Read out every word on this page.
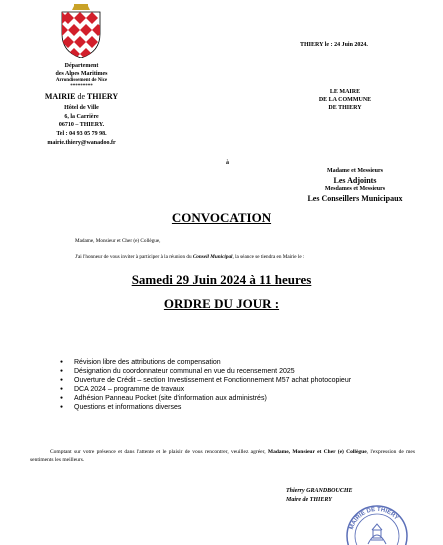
Département
des Alpes Maritimes
Arrondissement de Nice
*********
MAIRIE de THIERY
Hôtel de Ville
6, la Carrière
06710 – THIERY.
Tel : 04 93 05 79 98.
mairie.thiery@wanadoo.fr
THIERY le : 24 Juin 2024.
LE MAIRE
DE LA COMMUNE
DE THIERY
à
Madame et Messieurs
Les Adjoints
Mesdames et Messieurs
Les Conseillers Municipaux
CONVOCATION
Madame, Monsieur et Cher (e) Collègue,
J'ai l'honneur de vous inviter à participer à la réunion du Conseil Municipal, la séance se tiendra en Mairie le :
Samedi 29 Juin 2024 à 11 heures
ORDRE DU JOUR :
● Révision libre des attributions de compensation
● Désignation du coordonnateur communal en vue du recensement 2025
● Ouverture de Crédit – section Investissement et Fonctionnement M57 achat photocopieur
● DCA 2024 – programme de travaux
● Adhésion Panneau Pocket (site d'information aux administrés)
● Questions et informations diverses
Comptant sur votre présence et dans l'attente et le plaisir de vous rencontrer, veuillez agréer, Madame, Monsieur et Cher (e) Collègue, l'expression de mes sentiments les meilleurs.
Thierry GRANDBOUCHE
Maire de THIERY
MAIRIE DE THIERY
